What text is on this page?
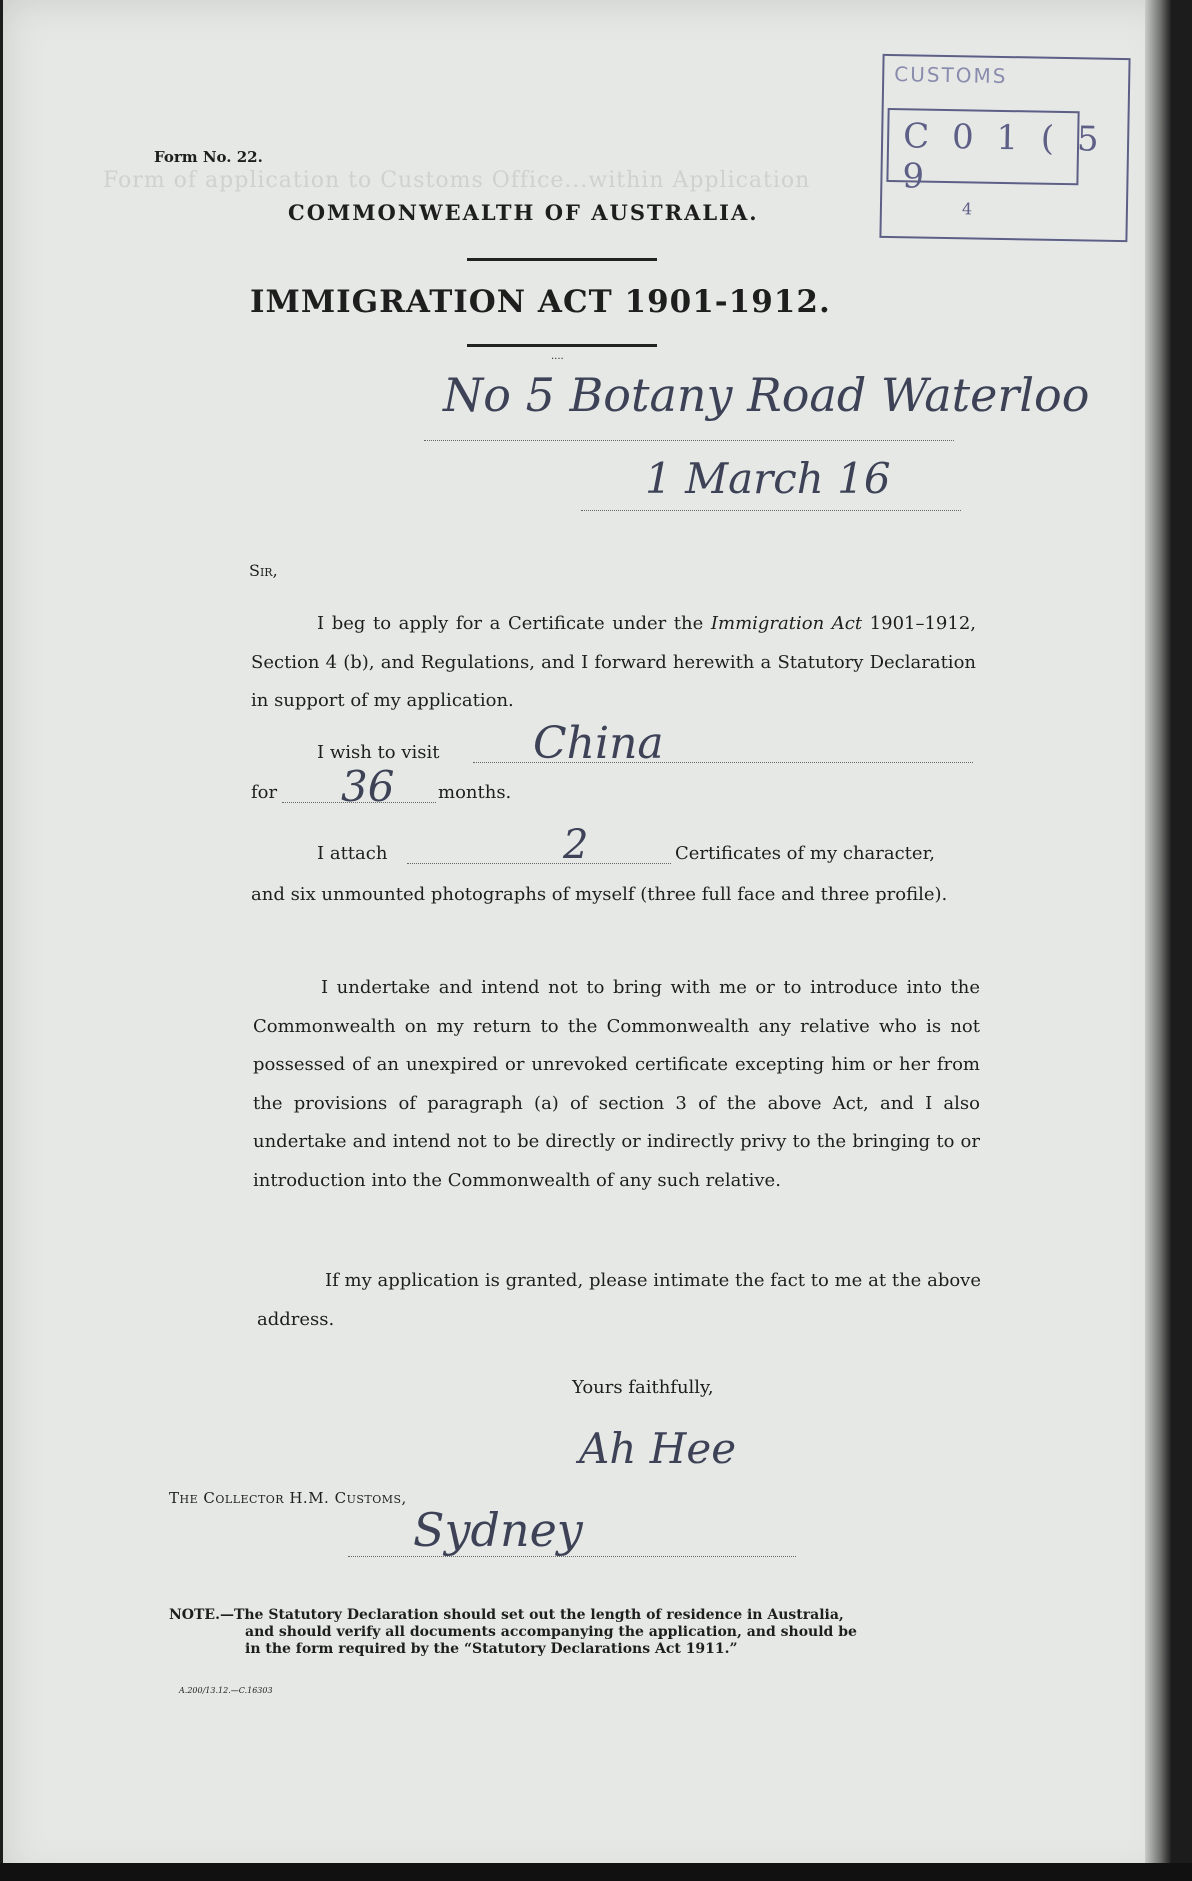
Form of application to Customs Office...within Application
Form No. 22.
COMMONWEALTH OF AUSTRALIA.
IMMIGRATION ACT 1901-1912.
....
CUSTOMS
C 0 1 ( 5 9
4
No 5 Botany Road Waterloo
1 March 16
Sir,
I beg to apply for a Certificate under the Immigration Act 1901–1912, Section 4 (b), and Regulations, and I forward herewith a Statutory Declaration in support of my application.
I wish to visit China
for 36 months.
I attach	2	Certificates of my character,
and six unmounted photographs of myself (three full face and three profile).
I undertake and intend not to bring with me or to introduce into the Commonwealth on my return to the Commonwealth any relative who is not possessed of an unexpired or unrevoked certificate excepting him or her from the provisions of paragraph (a) of section 3 of the above Act, and I also undertake and intend not to be directly or indirectly privy to the bringing to or introduction into the Commonwealth of any such relative.
If my application is granted, please intimate the fact to me at the above address.
Yours faithfully,
Ah Hee
The Collector H.M. Customs,
Sydney
NOTE.—The Statutory Declaration should set out the length of residence in Australia,

and should verify all documents accompanying the application, and should be
in the form required by the “Statutory Declarations Act 1911.”
A.200/13.12.—C.16303
